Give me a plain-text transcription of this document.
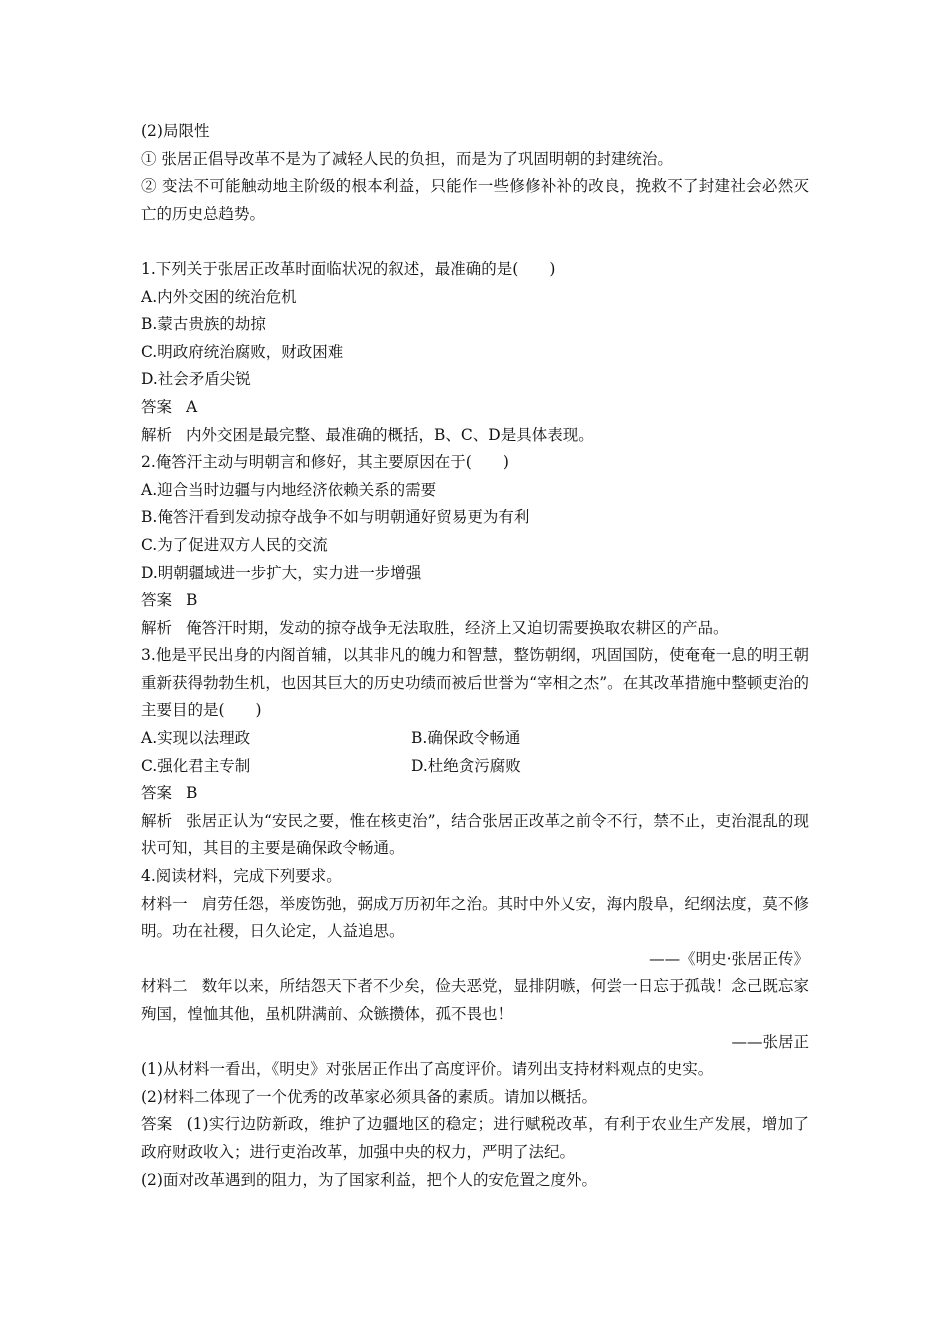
(2)局限性
① 张居正倡导改革不是为了减轻人民的负担，而是为了巩固明朝的封建统治。
② 变法不可能触动地主阶级的根本利益，只能作一些修修补补的改良，挽救不了封建社会必然灭亡的历史总趋势。
1.下列关于张居正改革时面临状况的叙述，最准确的是(　　)
A.内外交困的统治危机
B.蒙古贵族的劫掠
C.明政府统治腐败，财政困难
D.社会矛盾尖锐
答案 A
解析 内外交困是最完整、最准确的概括，B、C、D是具体表现。
2.俺答汗主动与明朝言和修好，其主要原因在于(　　)
A.迎合当时边疆与内地经济依赖关系的需要
B.俺答汗看到发动掠夺战争不如与明朝通好贸易更为有利
C.为了促进双方人民的交流
D.明朝疆域进一步扩大，实力进一步增强
答案 B
解析 俺答汗时期，发动的掠夺战争无法取胜，经济上又迫切需要换取农耕区的产品。
3.他是平民出身的内阁首辅，以其非凡的魄力和智慧，整饬朝纲，巩固国防，使奄奄一息的明王朝重新获得勃勃生机，也因其巨大的历史功绩而被后世誉为“宰相之杰”。在其改革措施中整顿吏治的主要目的是(　　)
A.实现以法理政	B.确保政令畅通
C.强化君主专制	D.杜绝贪污腐败
答案 B
解析 张居正认为“安民之要，惟在核吏治”，结合张居正改革之前令不行，禁不止，吏治混乱的现状可知，其目的主要是确保政令畅通。
4.阅读材料，完成下列要求。
材料一 肩劳任怨，举废饬弛，弼成万历初年之治。其时中外乂安，海内殷阜，纪纲法度，莫不修明。功在社稷，日久论定，人益追思。
——《明史·张居正传》
材料二 数年以来，所结怨天下者不少矣，俭夫恶党，显排阴嗾，何尝一日忘于孤哉！念己既忘家殉国，惶恤其他，虽机阱满前、众镞攒体，孤不畏也！
——张居正
(1)从材料一看出，《明史》对张居正作出了高度评价。请列出支持材料观点的史实。
(2)材料二体现了一个优秀的改革家必须具备的素质。请加以概括。
答案 (1)实行边防新政，维护了边疆地区的稳定；进行赋税改革，有利于农业生产发展，增加了政府财政收入；进行吏治改革，加强中央的权力，严明了法纪。
(2)面对改革遇到的阻力，为了国家利益，把个人的安危置之度外。
